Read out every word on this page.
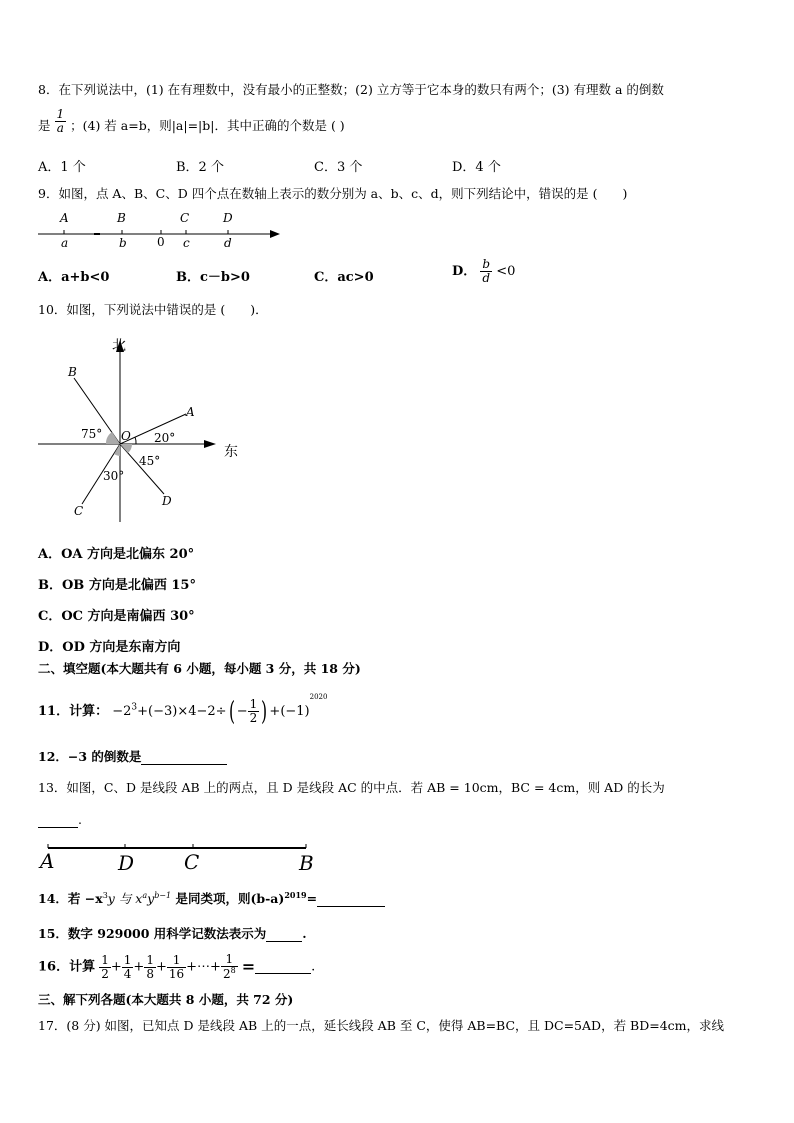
8．在下列说法中，(1) 在有理数中，没有最小的正整数；(2) 立方等于它本身的数只有两个；(3) 有理数 a 的倒数
是 $\frac{1}{a}$ ；(4) 若 a=b，则|a|=|b|．其中正确的个数是 ( )
A．1 个	B．2 个	C．3 个	D．4 个
9．如图，点 A、B、C、D 四个点在数轴上表示的数分别为 a、b、c、d，则下列结论中，错误的是 (　　)
A	B	C	D
a	b	0 c	d
A．a+b<0	B．c－b>0	C．ac>0	D． $\frac{b}{d} <0$
10．如图，下列说法中错误的是 (　　)．
北
东
A
B
C
D
O
75°	20°
45°
30°
A．OA 方向是北偏东 20°
B．OB 方向是北偏西 15°
C．OC 方向是南偏西 30°
D．OD 方向是东南方向
二、填空题(本大题共有 6 小题，每小题 3 分，共 18 分)
11．计算： $-2^3+(-3)\times 4-2\div( - \frac{1}{2}$ ) $+(-1)^{2020}$
12．−3 的倒数是
13．如图，C、D 是线段 AB 上的两点，且 D 是线段 AC 的中点．若 AB = 10cm，BC = 4cm，则 AD 的长为
.
A	D C	B
14．若 $-x^3y$ 与 $x^ay^{b-1}$ 是同类项，则$(b-a)^{2019}=$
15．数字 929000 用科学记数法表示为	.
16．计算 $\frac{1}{2} + \frac{1}{4} + \frac{1}{8} + \frac{1}{16}$ +⋯+ $\frac{1}{2^8}$ =	.
三、解下列各题(本大题共 8 小题，共 72 分)
17．(8 分) 如图，已知点 D 是线段 AB 上的一点，延长线段 AB 至 C，使得 AB=BC，且 DC=5AD，若 BD=4cm，求线
